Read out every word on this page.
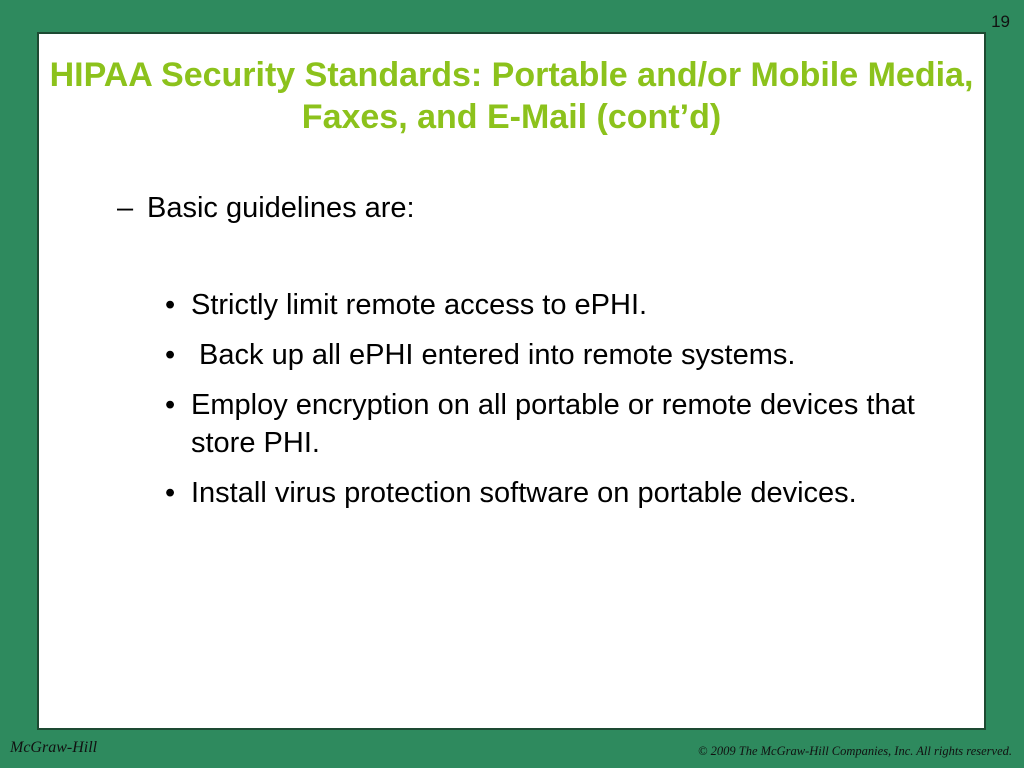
19
HIPAA Security Standards: Portable and/or Mobile Media, Faxes, and E-Mail (cont’d)

– Basic guidelines are:

• Strictly limit remote access to ePHI.
• Back up all ePHI entered into remote systems.
• Employ encryption on all portable or remote devices that store PHI.
• Install virus protection software on portable devices.
McGraw-Hill	© 2009 The McGraw-Hill Companies, Inc. All rights reserved.
